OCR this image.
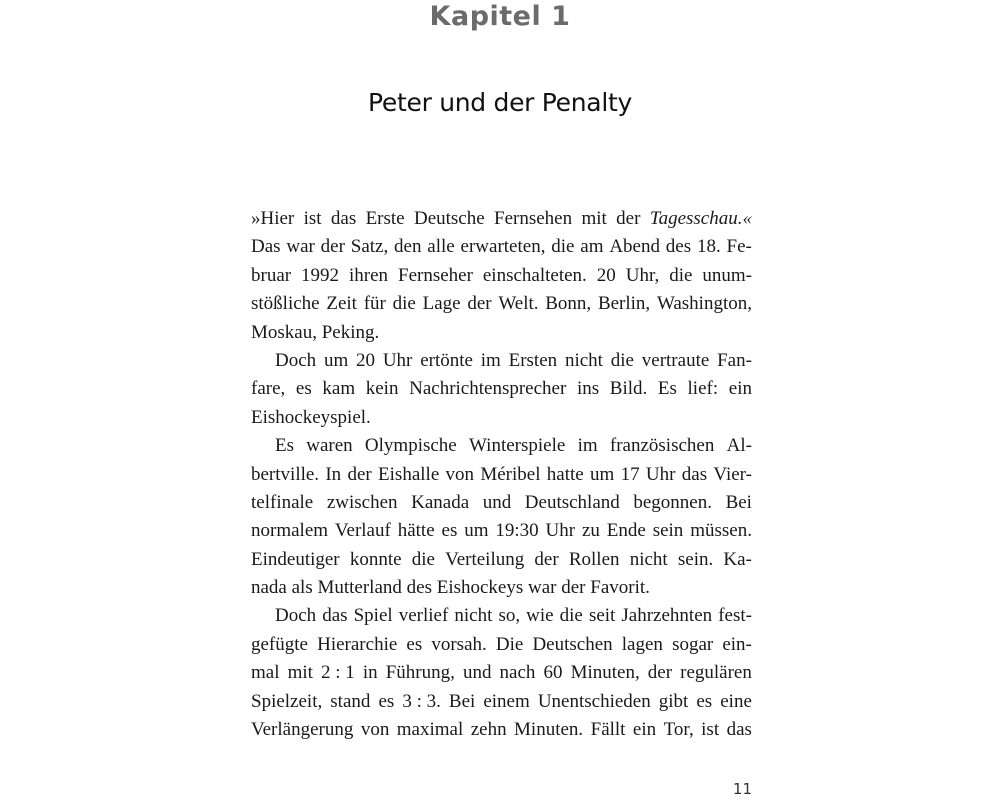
Kapitel 1
Peter und der Penalty
»Hier ist das Erste Deutsche Fernsehen mit der Tagesschau.«
Das war der Satz, den alle erwarteten, die am Abend des 18. Fe-
bruar 1992 ihren Fernseher einschalteten. 20 Uhr, die unum-
stößliche Zeit für die Lage der Welt. Bonn, Berlin, Washington,
Moskau, Peking.
Doch um 20 Uhr ertönte im Ersten nicht die vertraute Fan-
fare, es kam kein Nachrichtensprecher ins Bild. Es lief: ein
Eishockeyspiel.
Es waren Olympische Winterspiele im französischen Al-
bertville. In der Eishalle von Méribel hatte um 17 Uhr das Vier-
telfinale zwischen Kanada und Deutschland begonnen. Bei
normalem Verlauf hätte es um 19:30 Uhr zu Ende sein müssen.
Eindeutiger konnte die Verteilung der Rollen nicht sein. Ka-
nada als Mutterland des Eishockeys war der Favorit.
Doch das Spiel verlief nicht so, wie die seit Jahrzehnten fest-
gefügte Hierarchie es vorsah. Die Deutschen lagen sogar ein-
mal mit 2 : 1 in Führung, und nach 60 Minuten, der regulären
Spielzeit, stand es 3 : 3. Bei einem Unentschieden gibt es eine
Verlängerung von maximal zehn Minuten. Fällt ein Tor, ist das
11
